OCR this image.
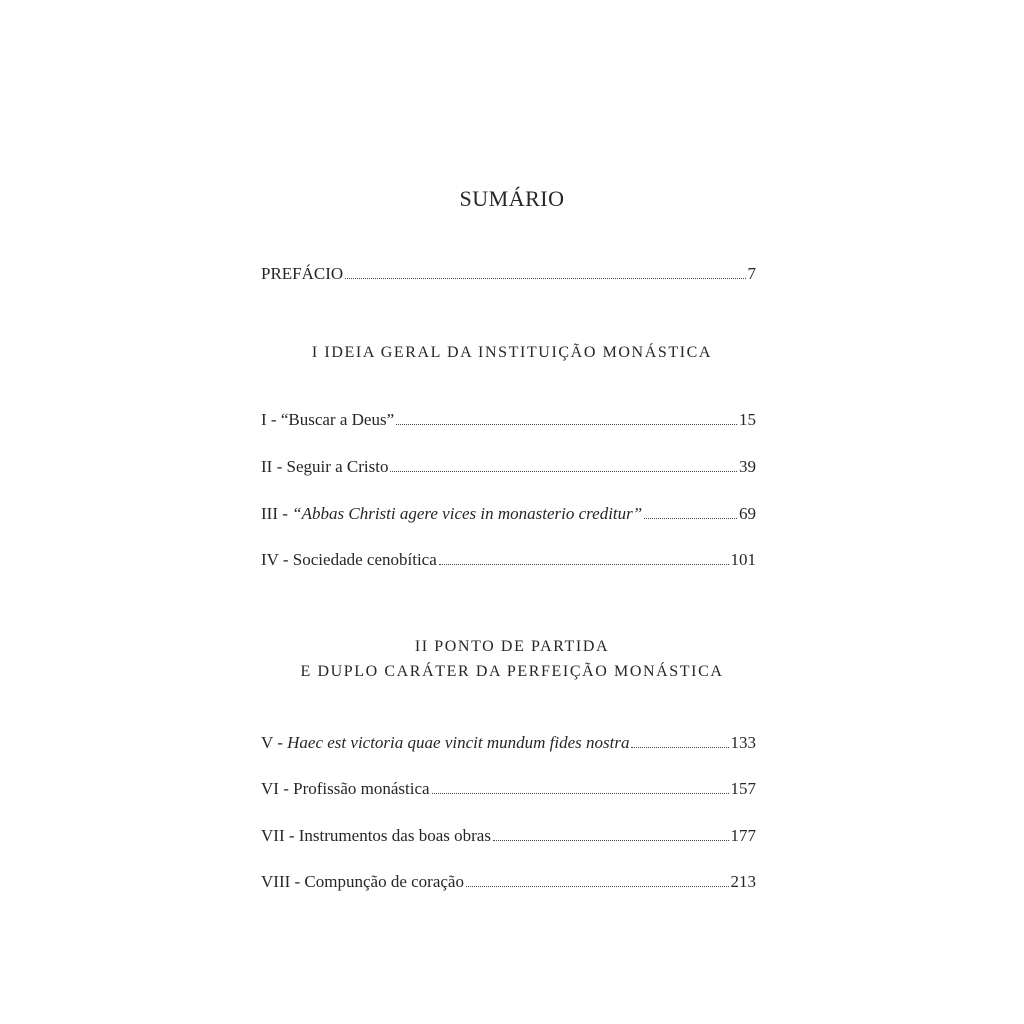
SUMÁRIO
PREFÁCIO	7
I IDEIA GERAL DA INSTITUIÇÃO MONÁSTICA
I - “Buscar a Deus”	15
II - Seguir a Cristo	39
III - “Abbas Christi agere vices in monasterio creditur”	69
IV - Sociedade cenobítica	101
II PONTO DE PARTIDA
E DUPLO CARÁTER DA PERFEIÇÃO MONÁSTICA
V - Haec est victoria quae vincit mundum fides nostra	133
VI - Profissão monástica	157
VII - Instrumentos das boas obras	177
VIII - Compunção de coração	213
